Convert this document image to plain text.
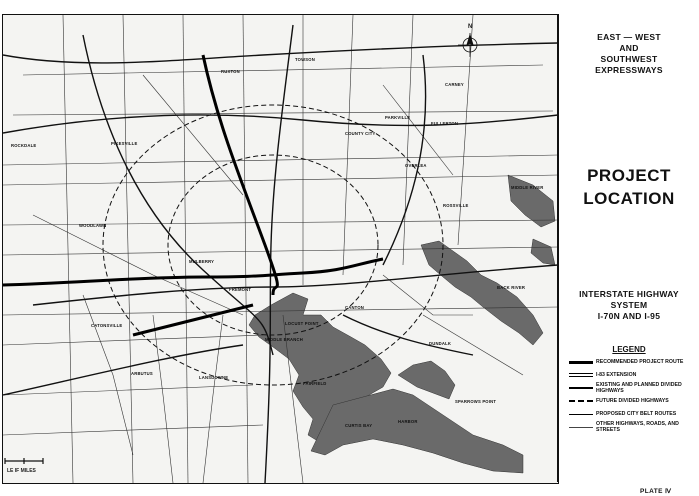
N
TOWSON
CARNEY
PARKVILLE
FULLERTON
COUNTY CITY
OVERLEA
ROSSVILLE
MIDDLE RIVER
WOODLAWN
MULBERRY
FREMONT
LOCUST POINT
CANTON
MIDDLE BRANCH
CATONSVILLE
ARBUTUS
LANSDOWNE
FAIRFIELD
CURTIS BAY
SPARROWS POINT
HARBOR
PIKESVILLE
ROCKDALE
RUXTON
DUNDALK
BACK RIVER
LE IF MILES
EAST — WEST
AND
SOUTHWEST
EXPRESSWAYS
PROJECT
LOCATION
INTERSTATE HIGHWAY
SYSTEM
I-70N AND I-95
LEGEND
RECOMMENDED PROJECT ROUTE
I-83 EXTENSION
EXISTING AND PLANNED DIVIDED HIGHWAYS
FUTURE DIVIDED HIGHWAYS
PROPOSED CITY BELT ROUTES
OTHER HIGHWAYS, ROADS, AND STREETS
PLATE Ⅳ
